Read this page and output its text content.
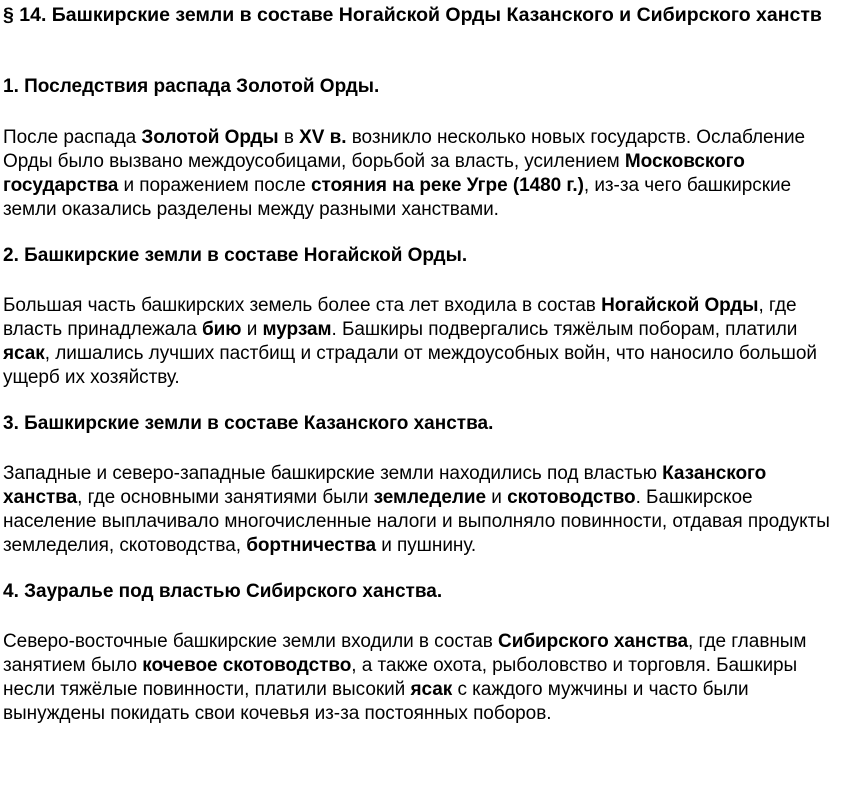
§ 14. Башкирские земли в составе Ногайской Орды Казанского и Сибирского ханств
1. Последствия распада Золотой Орды.

После распада Золотой Орды в XV в. возникло несколько новых государств. Ослабление Орды было вызвано междоусобицами, борьбой за власть, усилением Московского государства и поражением после стояния на реке Угре (1480 г.), из-за чего башкирские земли оказались разделены между разными ханствами.

2. Башкирские земли в составе Ногайской Орды.

Большая часть башкирских земель более ста лет входила в состав Ногайской Орды, где власть принадлежала бию и мурзам. Башкиры подвергались тяжёлым поборам, платили ясак, лишались лучших пастбищ и страдали от междоусобных войн, что наносило большой ущерб их хозяйству.

3. Башкирские земли в составе Казанского ханства.

Западные и северо-западные башкирские земли находились под властью Казанского ханства, где основными занятиями были земледелие и скотоводство. Башкирское население выплачивало многочисленные налоги и выполняло повинности, отдавая продукты земледелия, скотоводства, бортничества и пушнину.

4. Зауралье под властью Сибирского ханства.

Северо-восточные башкирские земли входили в состав Сибирского ханства, где главным занятием было кочевое скотоводство, а также охота, рыболовство и торговля. Башкиры несли тяжёлые повинности, платили высокий ясак с каждого мужчины и часто были вынуждены покидать свои кочевья из-за постоянных поборов.
